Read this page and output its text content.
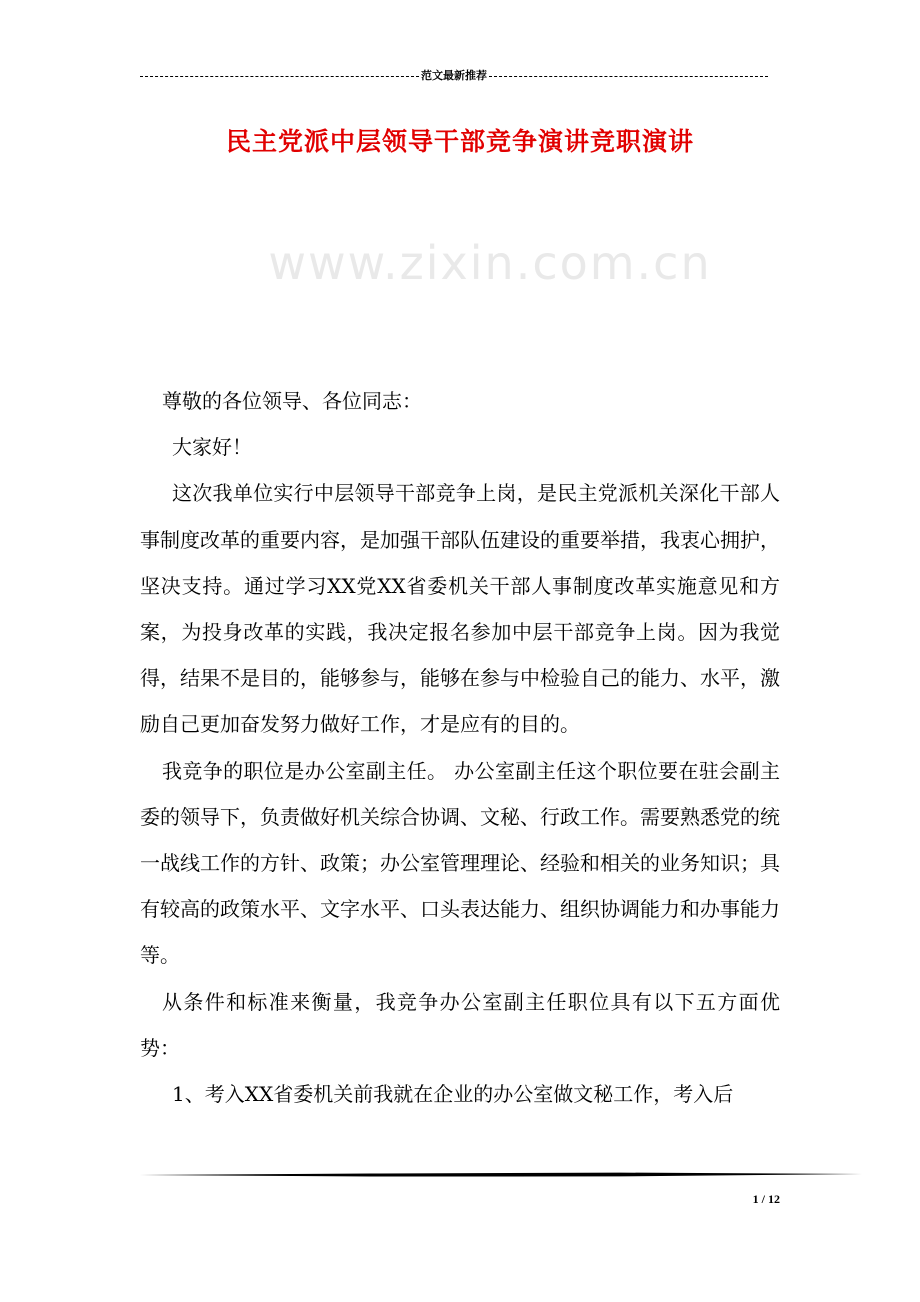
范文最新推荐
民主党派中层领导干部竞争演讲竞职演讲
www.zixin.com.cn

尊敬的各位领导、各位同志：

大家好！

这次我单位实行中层领导干部竞争上岗，是民主党派机关深化干部人事制度改革的重要内容，是加强干部队伍建设的重要举措，我衷心拥护，坚决支持。通过学习XX党XX省委机关干部人事制度改革实施意见和方案，为投身改革的实践，我决定报名参加中层干部竞争上岗。因为我觉得，结果不是目的，能够参与，能够在参与中检验自己的能力、水平，激励自己更加奋发努力做好工作，才是应有的目的。

我竞争的职位是办公室副主任。 办公室副主任这个职位要在驻会副主委的领导下，负责做好机关综合协调、文秘、行政工作。需要熟悉党的统一战线工作的方针、政策；办公室管理理论、经验和相关的业务知识；具有较高的政策水平、文字水平、口头表达能力、组织协调能力和办事能力等。

从条件和标准来衡量，我竞争办公室副主任职位具有以下五方面优势：

1、考入XX省委机关前我就在企业的办公室做文秘工作，考入后

1 / 12
